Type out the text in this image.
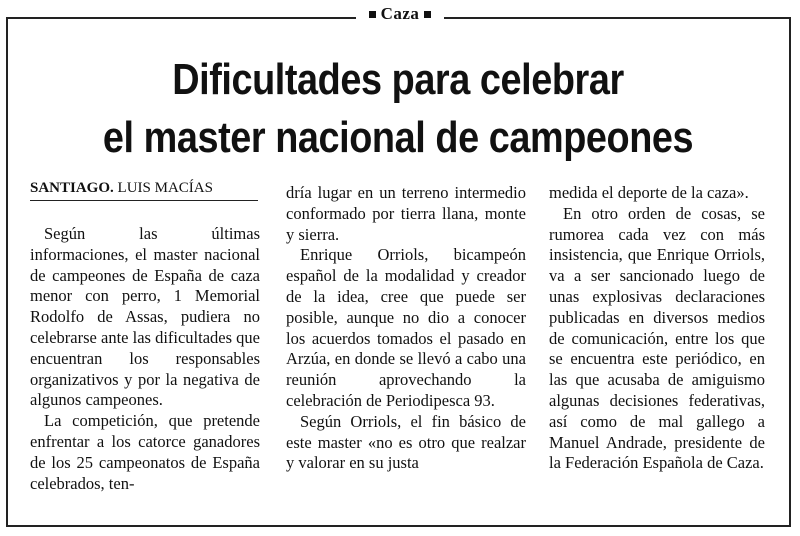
Caza
Dificultades para celebrar
el master nacional de campeones
SANTIAGO. LUIS MACÍAS

Según las últimas informaciones, el master nacional de campeones de España de caza menor con perro, 1 Memorial Rodolfo de Assas, pudiera no celebrarse ante las dificultades que encuentran los responsables organizativos y por la negativa de algunos campeones.

La competición, que pretende enfrentar a los catorce ganadores de los 25 campeonatos de España celebrados, ten-

dría lugar en un terreno intermedio conformado por tierra llana, monte y sierra.

Enrique Orriols, bicampeón español de la modalidad y creador de la idea, cree que puede ser posible, aunque no dio a conocer los acuerdos tomados el pasado en Arzúa, en donde se llevó a cabo una reunión aprovechando la celebración de Periodipesca 93.

Según Orriols, el fin básico de este master «no es otro que realzar y valorar en su justa

medida el deporte de la caza».

En otro orden de cosas, se rumorea cada vez con más insistencia, que Enrique Orriols, va a ser sancionado luego de unas explosivas declaraciones publicadas en diversos medios de comunicación, entre los que se encuentra este periódico, en las que acusaba de amiguismo algunas decisiones federativas, así como de mal gallego a Manuel Andrade, presidente de la Federación Española de Caza.
